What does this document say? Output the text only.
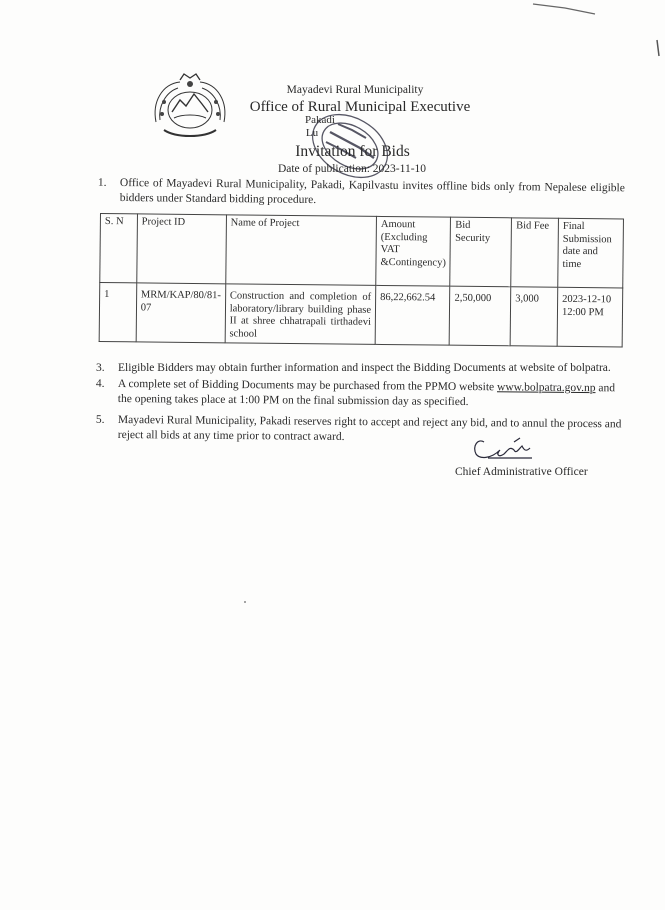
Mayadevi Rural Municipality
Office of Rural Municipal Executive
Pakadi
Lu
Invitation for Bids
Date of publication: 2023-11-10
1. Office of Mayadevi Rural Municipality, Pakadi, Kapilvastu invites offline bids only from Nepalese eligible bidders under Standard bidding procedure.
S. N	Project ID	Name of Project	Amount (Excluding VAT &Contingency)	Bid Security	Bid Fee	Final Submission date and time
1	MRM/KAP/80/81-07	Construction and completion of laboratory/library building phase II at shree chhatrapali tirthadevi school	86,22,662.54	2,50,000	3,000	2023-12-10
12:00 PM
3. Eligible Bidders may obtain further information and inspect the Bidding Documents at website of bolpatra.
4. A complete set of Bidding Documents may be purchased from the PPMO website www.bolpatra.gov.np and the opening takes place at 1:00 PM on the final submission day as specified.
5. Mayadevi Rural Municipality, Pakadi reserves right to accept and reject any bid, and to annul the process and reject all bids at any time prior to contract award.
Chief Administrative Officer
